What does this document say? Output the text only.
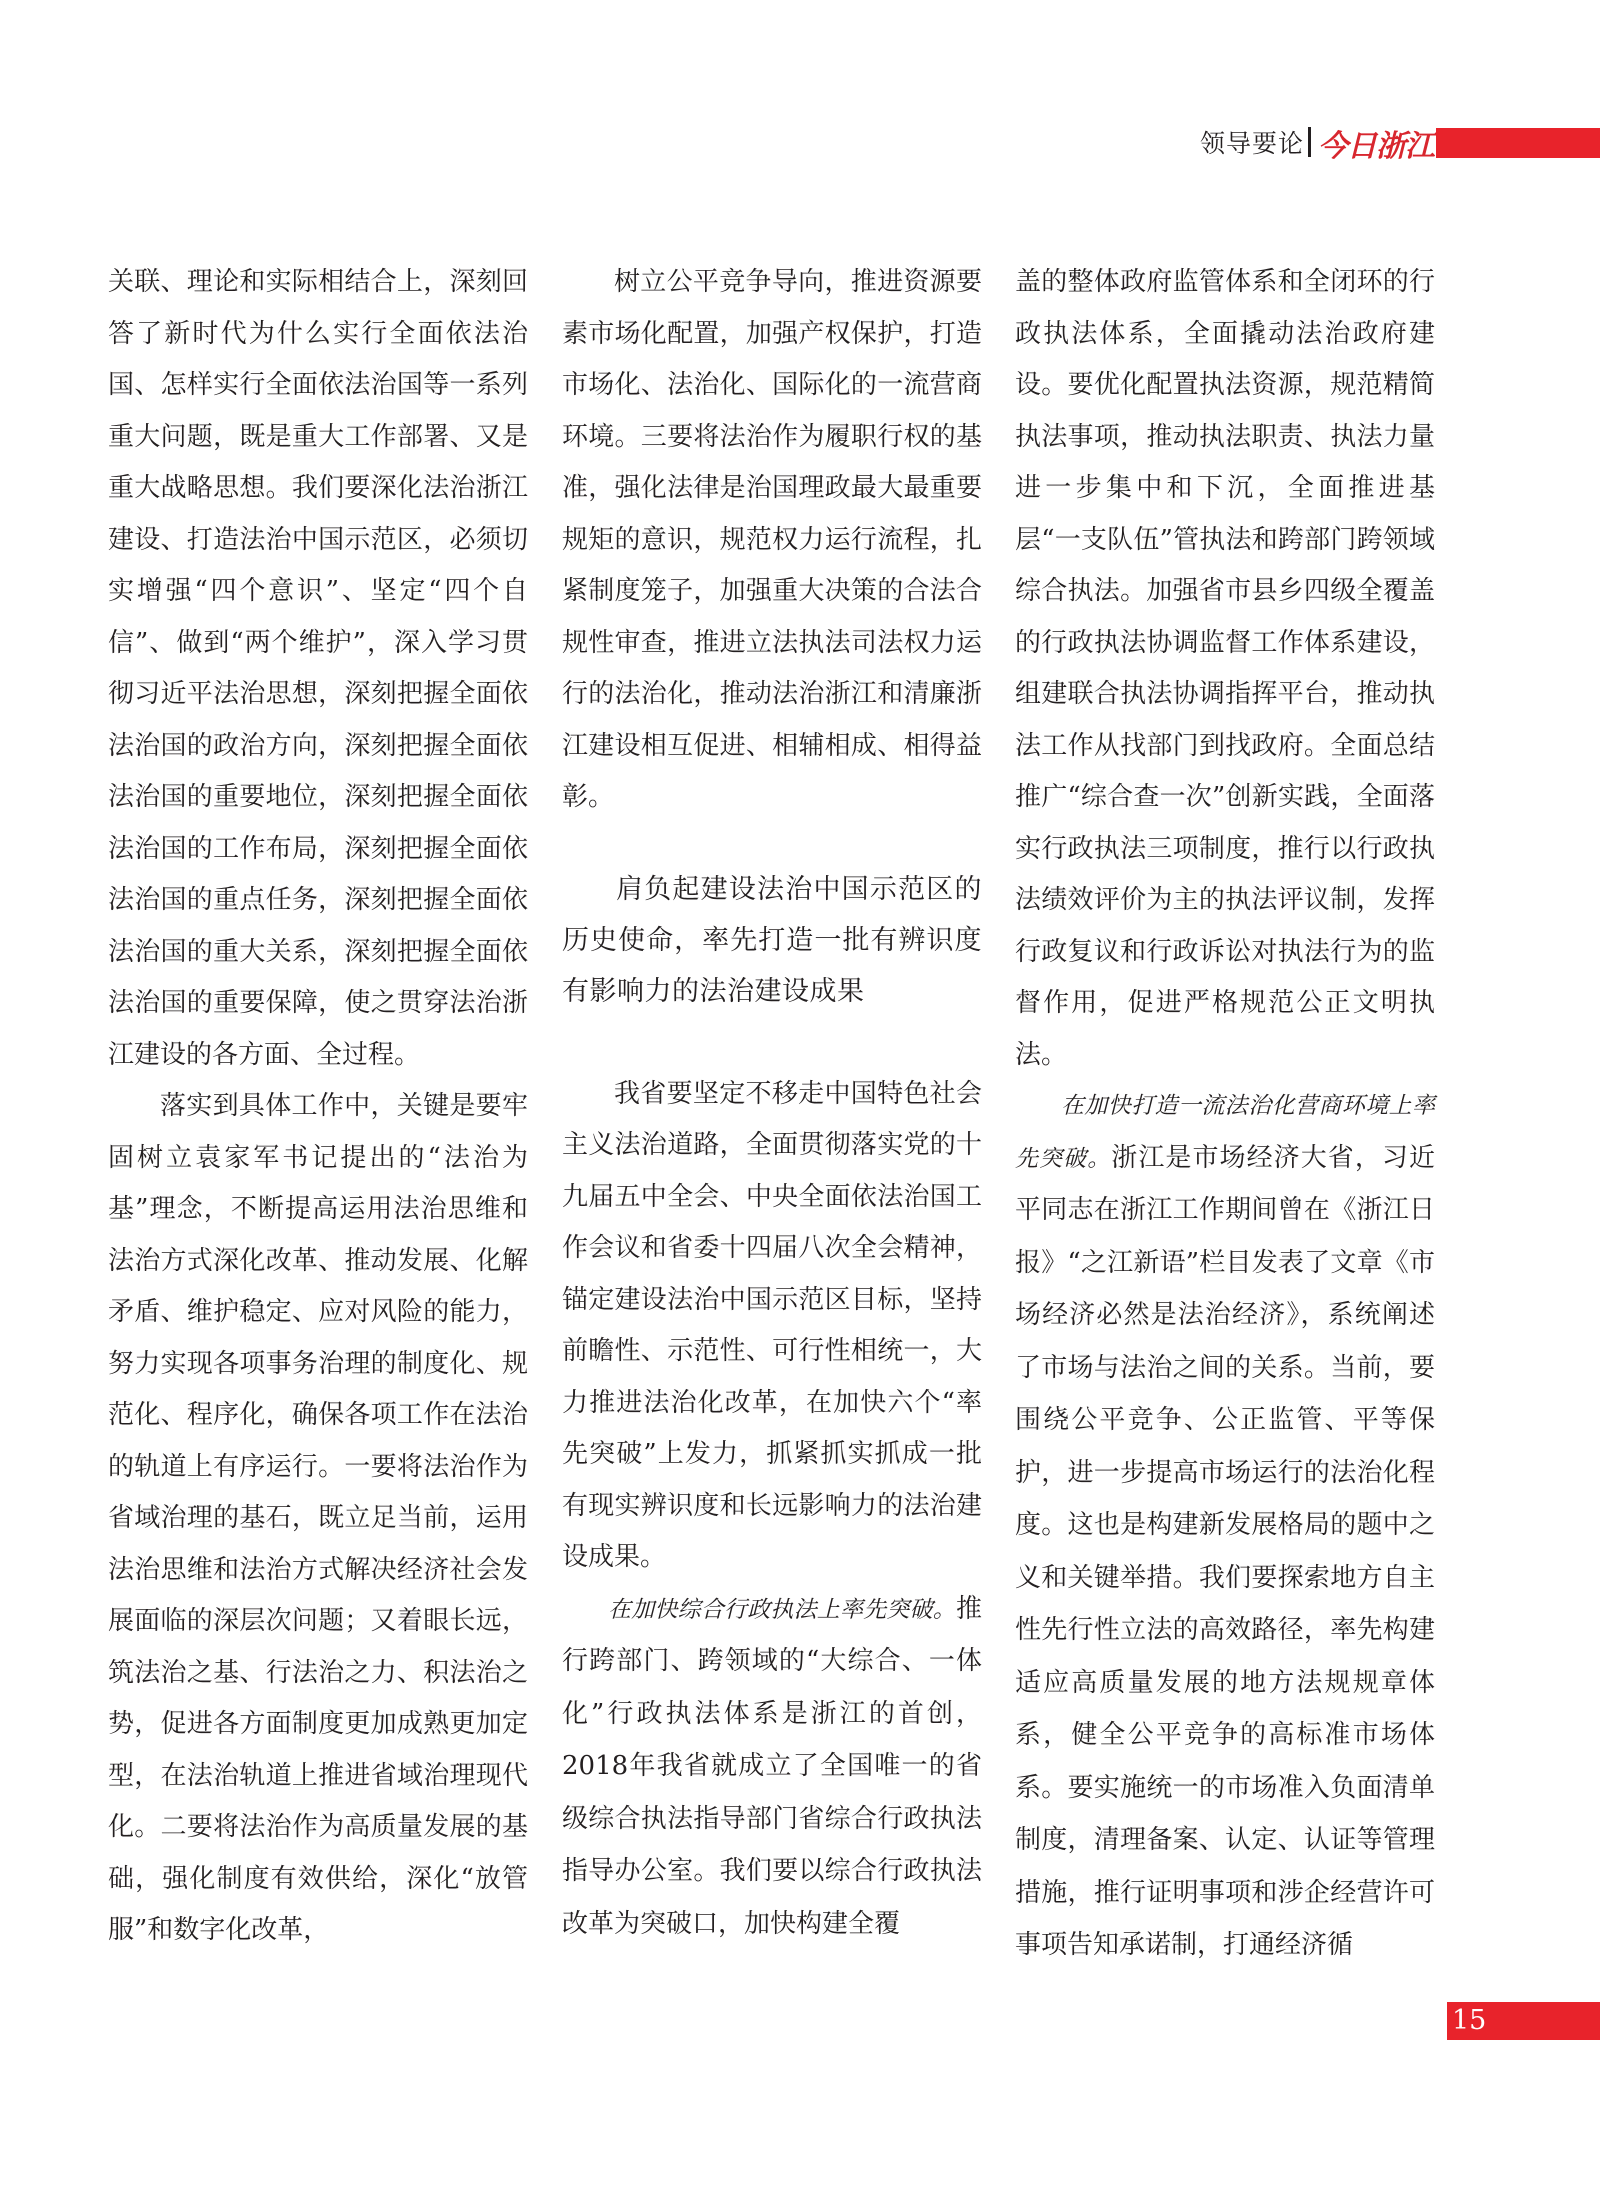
领导要论 今日浙江

关联、理论和实际相结合上，深刻回答了新时代为什么实行全面依法治国、怎样实行全面依法治国等一系列重大问题，既是重大工作部署、又是重大战略思想。我们要深化法治浙江建设、打造法治中国示范区，必须切实增强“四个意识”、坚定“四个自信”、做到“两个维护”，深入学习贯彻习近平法治思想，深刻把握全面依法治国的政治方向，深刻把握全面依法治国的重要地位，深刻把握全面依法治国的工作布局，深刻把握全面依法治国的重点任务，深刻把握全面依法治国的重大关系，深刻把握全面依法治国的重要保障，使之贯穿法治浙江建设的各方面、全过程。

落实到具体工作中，关键是要牢固树立袁家军书记提出的“法治为基”理念，不断提高运用法治思维和法治方式深化改革、推动发展、化解矛盾、维护稳定、应对风险的能力，努力实现各项事务治理的制度化、规范化、程序化，确保各项工作在法治的轨道上有序运行。一要将法治作为省域治理的基石，既立足当前，运用法治思维和法治方式解决经济社会发展面临的深层次问题；又着眼长远，筑法治之基、行法治之力、积法治之势，促进各方面制度更加成熟更加定型，在法治轨道上推进省域治理现代化。二要将法治作为高质量发展的基础，强化制度有效供给，深化“放管服”和数字化改革，

树立公平竞争导向，推进资源要素市场化配置，加强产权保护，打造市场化、法治化、国际化的一流营商环境。三要将法治作为履职行权的基准，强化法律是治国理政最大最重要规矩的意识，规范权力运行流程，扎紧制度笼子，加强重大决策的合法合规性审查，推进立法执法司法权力运行的法治化，推动法治浙江和清廉浙江建设相互促进、相辅相成、相得益彰。

肩负起建设法治中国示范区的历史使命，率先打造一批有辨识度有影响力的法治建设成果

我省要坚定不移走中国特色社会主义法治道路，全面贯彻落实党的十九届五中全会、中央全面依法治国工作会议和省委十四届八次全会精神，锚定建设法治中国示范区目标，坚持前瞻性、示范性、可行性相统一，大力推进法治化改革，在加快六个“率先突破”上发力，抓紧抓实抓成一批有现实辨识度和长远影响力的法治建设成果。

在加快综合行政执法上率先突破。推行跨部门、跨领域的“大综合、一体化”行政执法体系是浙江的首创，2018年我省就成立了全国唯一的省级综合执法指导部门省综合行政执法指导办公室。我们要以综合行政执法改革为突破口，加快构建全覆

盖的整体政府监管体系和全闭环的行政执法体系，全面撬动法治政府建设。要优化配置执法资源，规范精简执法事项，推动执法职责、执法力量进一步集中和下沉，全面推进基层“一支队伍”管执法和跨部门跨领域综合执法。加强省市县乡四级全覆盖的行政执法协调监督工作体系建设，组建联合执法协调指挥平台，推动执法工作从找部门到找政府。全面总结推广“综合查一次”创新实践，全面落实行政执法三项制度，推行以行政执法绩效评价为主的执法评议制，发挥行政复议和行政诉讼对执法行为的监督作用，促进严格规范公正文明执法。

在加快打造一流法治化营商环境上率先突破。浙江是市场经济大省，习近平同志在浙江工作期间曾在《浙江日报》“之江新语”栏目发表了文章《市场经济必然是法治经济》，系统阐述了市场与法治之间的关系。当前，要围绕公平竞争、公正监管、平等保护，进一步提高市场运行的法治化程度。这也是构建新发展格局的题中之义和关键举措。我们要探索地方自主性先行性立法的高效路径，率先构建适应高质量发展的地方法规规章体系，健全公平竞争的高标准市场体系。要实施统一的市场准入负面清单制度，清理备案、认定、认证等管理措施，推行证明事项和涉企经营许可事项告知承诺制，打通经济循

15
